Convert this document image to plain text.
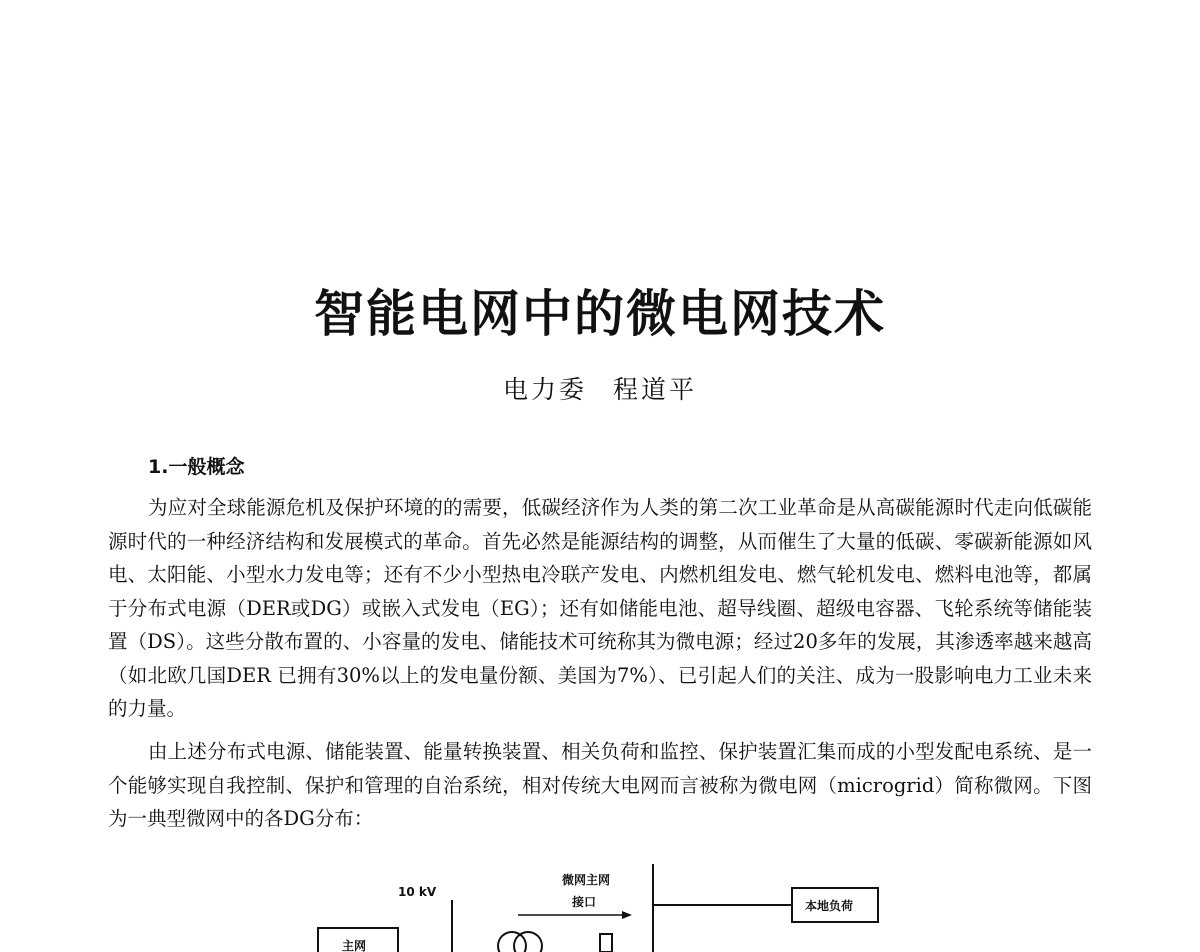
智能电网中的微电网技术
电力委 程道平
1.一般概念

为应对全球能源危机及保护环境的的需要，低碳经济作为人类的第二次工业革命是从高碳能源时代走向低碳能源时代的一种经济结构和发展模式的革命。首先必然是能源结构的调整，从而催生了大量的低碳、零碳新能源如风电、太阳能、小型水力发电等；还有不少小型热电冷联产发电、内燃机组发电、燃气轮机发电、燃料电池等，都属于分布式电源（DER或DG）或嵌入式发电（EG）；还有如储能电池、超导线圈、超级电容器、飞轮系统等储能装置（DS）。这些分散布置的、小容量的发电、储能技术可统称其为微电源；经过20多年的发展，其渗透率越来越高（如北欧几国DER 已拥有30%以上的发电量份额、美国为7%）、已引起人们的关注、成为一股影响电力工业未来的力量。

由上述分布式电源、储能装置、能量转换装置、相关负荷和监控、保护装置汇集而成的小型发配电系统、是一个能够实现自我控制、保护和管理的自治系统，相对传统大电网而言被称为微电网（microgrid）简称微网。下图为一典型微网中的各DG分布：

10 kV
主网
微网主网
接口	本地负荷
